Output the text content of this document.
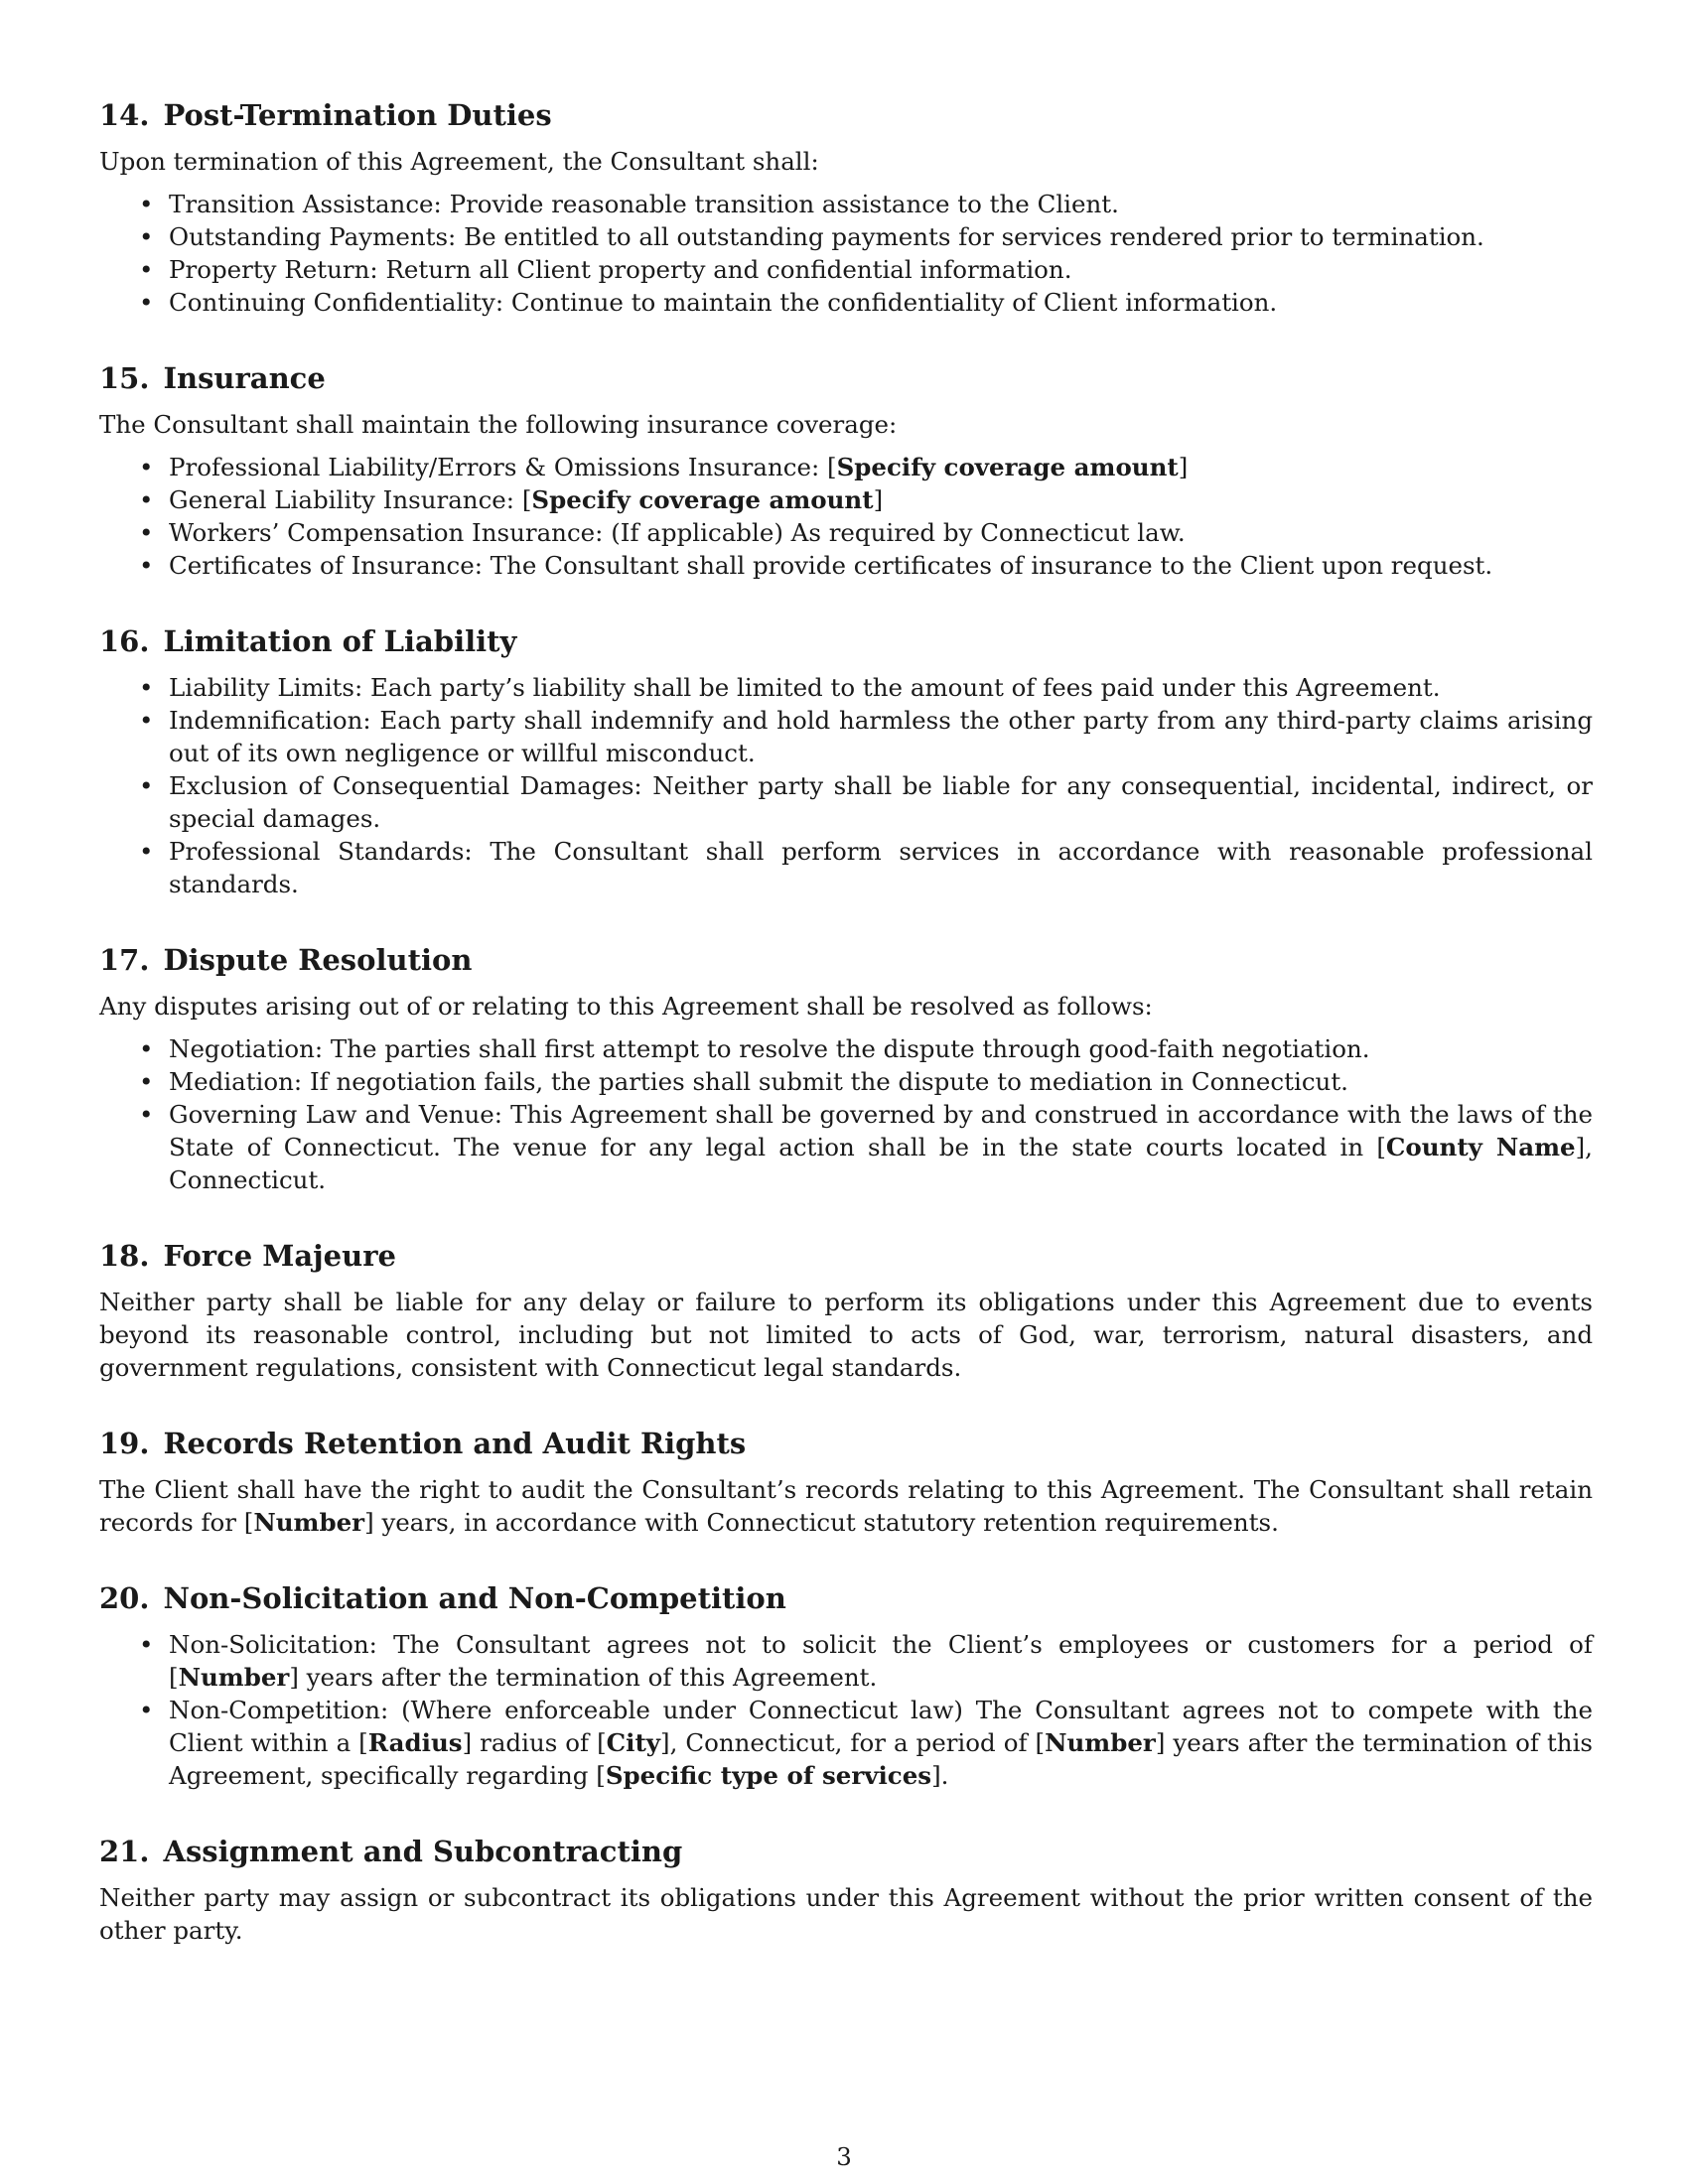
14. Post-Termination Duties

Upon termination of this Agreement, the Consultant shall:

• Transition Assistance: Provide reasonable transition assistance to the Client.
• Outstanding Payments: Be entitled to all outstanding payments for services rendered prior to termination.
• Property Return: Return all Client property and confidential information.
• Continuing Confidentiality: Continue to maintain the confidentiality of Client information.
15. Insurance

The Consultant shall maintain the following insurance coverage:

• Professional Liability/Errors & Omissions Insurance: [Specify coverage amount]
• General Liability Insurance: [Specify coverage amount]
• Workers’ Compensation Insurance: (If applicable) As required by Connecticut law.
• Certificates of Insurance: The Consultant shall provide certificates of insurance to the Client upon request.
16. Limitation of Liability
• Liability Limits: Each party’s liability shall be limited to the amount of fees paid under this Agreement.
• Indemnification: Each party shall indemnify and hold harmless the other party from any third-party claims arising out of its own negligence or willful misconduct.
• Exclusion of Consequential Damages: Neither party shall be liable for any consequential, incidental, indirect, or special damages.
• Professional Standards: The Consultant shall perform services in accordance with reasonable professional standards.
17. Dispute Resolution

Any disputes arising out of or relating to this Agreement shall be resolved as follows:

• Negotiation: The parties shall first attempt to resolve the dispute through good-faith negotiation.
• Mediation: If negotiation fails, the parties shall submit the dispute to mediation in Connecticut.
• Governing Law and Venue: This Agreement shall be governed by and construed in accordance with the laws of the State of Connecticut. The venue for any legal action shall be in the state courts located in [County Name], Connecticut.
18. Force Majeure

Neither party shall be liable for any delay or failure to perform its obligations under this Agreement due to events beyond its reasonable control, including but not limited to acts of God, war, terrorism, natural disasters, and government regulations, consistent with Connecticut legal standards.

19. Records Retention and Audit Rights

The Client shall have the right to audit the Consultant’s records relating to this Agreement. The Consultant shall retain records for [Number] years, in accordance with Connecticut statutory retention requirements.

20. Non-Solicitation and Non-Competition
• Non-Solicitation: The Consultant agrees not to solicit the Client’s employees or customers for a period of [Number] years after the termination of this Agreement.
• Non-Competition: (Where enforceable under Connecticut law) The Consultant agrees not to compete with the Client within a [Radius] radius of [City], Connecticut, for a period of [Number] years after the termination of this Agreement, specifically regarding [Specific type of services].
21. Assignment and Subcontracting

Neither party may assign or subcontract its obligations under this Agreement without the prior written consent of the other party.

3
